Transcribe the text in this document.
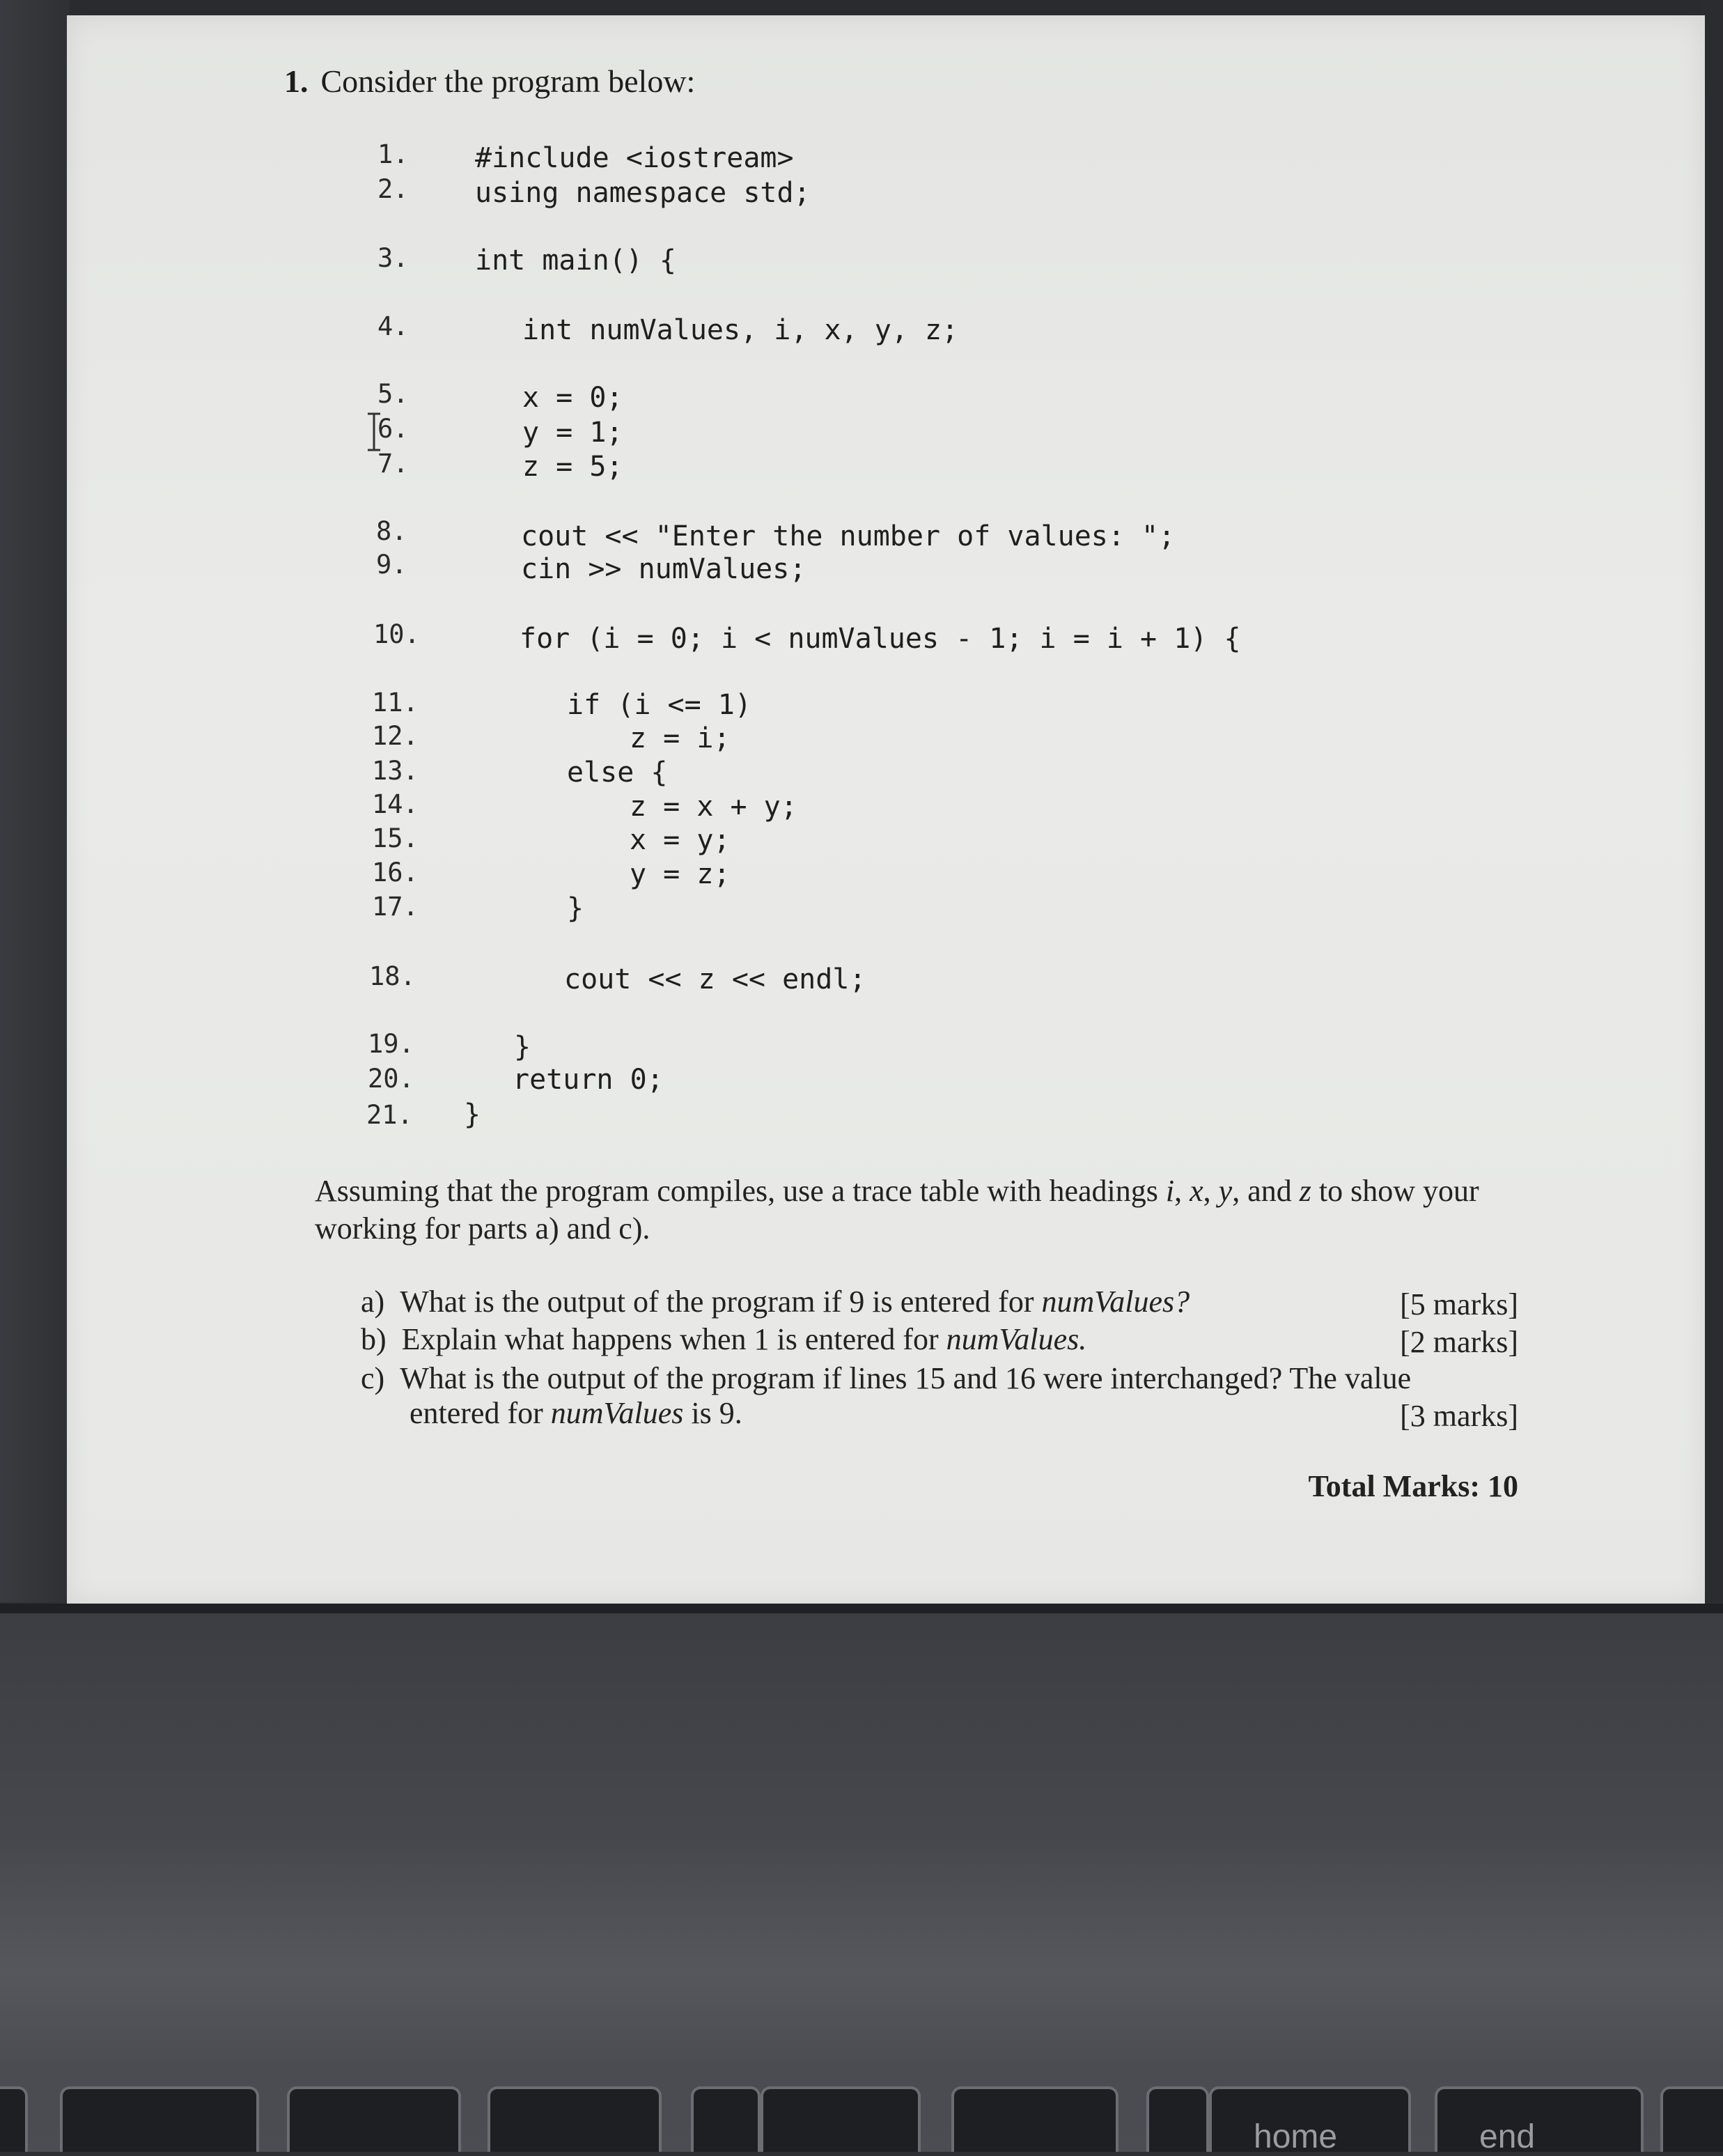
1. Consider the program below:
1. #include <iostream>
2. using namespace std;
3. int main() {
4.	int numValues, i, x, y, z;
5.	x = 0;
6.	y = 1;
7.	z = 5;
8.	cout << "Enter the number of values: ";
9.	cin >> numValues;
10.	for (i = 0; i < numValues - 1; i = i + 1) {
11.	if (i <= 1)
12.	z = i;
13.	else {
14.	z = x + y;
15.	x = y;
16.	y = z;
17.	}
18.	cout << z << endl;
19.	}
20.	return 0;
21. }
Assuming that the program compiles, use a trace table with headings i, x, y, and z to show your working for parts a) and c).
a) What is the output of the program if 9 is entered for numValues?	[5 marks]
b) Explain what happens when 1 is entered for numValues.	[2 marks]
c) What is the output of the program if lines 15 and 16 were interchanged? The value
entered for numValues is 9.	[3 marks]
Total Marks: 10
home	end
